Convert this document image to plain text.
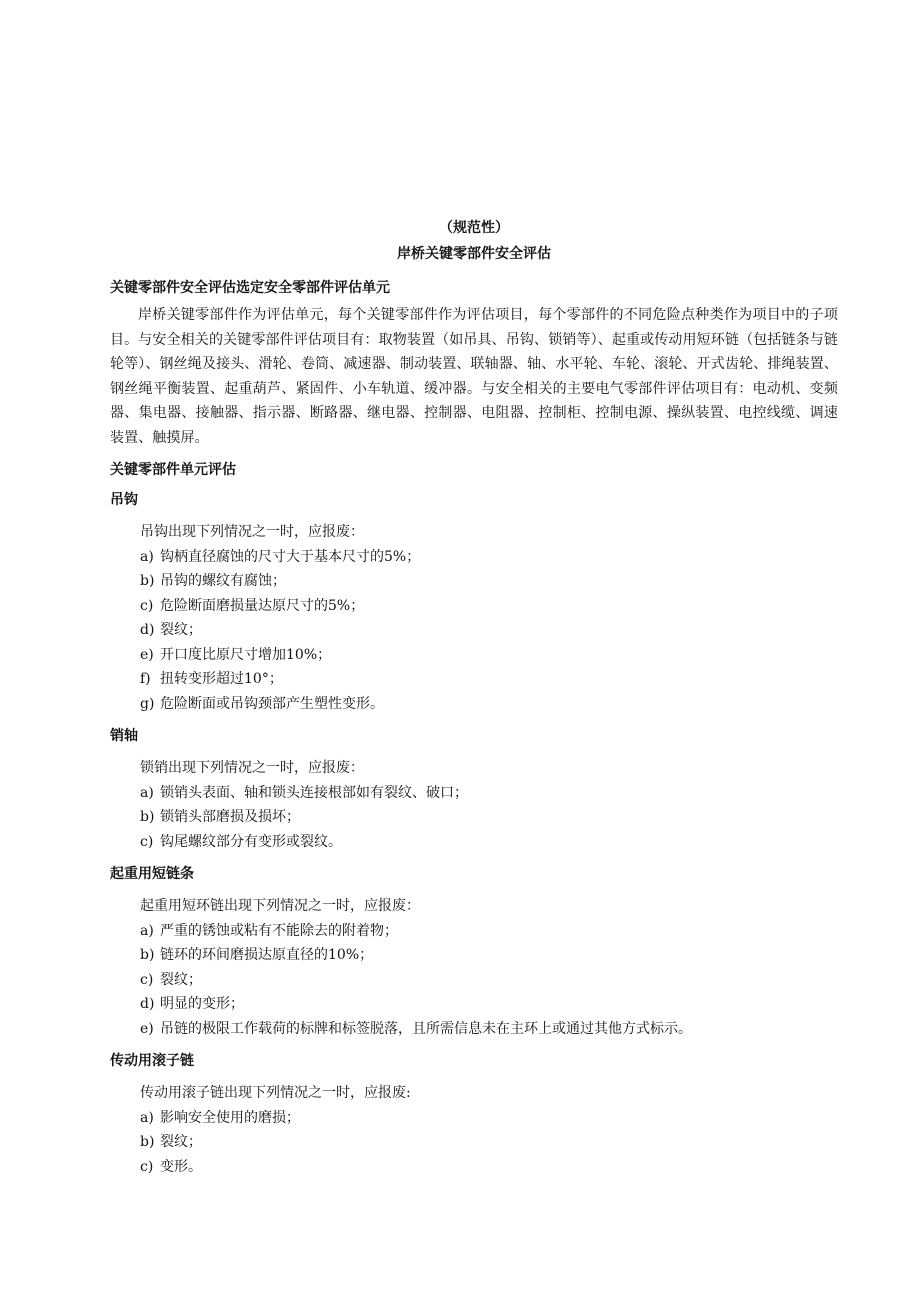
（规范性）
岸桥关键零部件安全评估
关键零部件安全评估选定安全零部件评估单元

岸桥关键零部件作为评估单元，每个关键零部件作为评估项目，每个零部件的不同危险点种类作为项目中的子项目。与安全相关的关键零部件评估项目有：取物装置（如吊具、吊钩、锁销等）、起重或传动用短环链（包括链条与链轮等）、钢丝绳及接头、滑轮、卷筒、减速器、制动装置、联轴器、轴、水平轮、车轮、滚轮、开式齿轮、排绳装置、钢丝绳平衡装置、起重葫芦、紧固件、小车轨道、缓冲器。与安全相关的主要电气零部件评估项目有：电动机、变频器、集电器、接触器、指示器、断路器、继电器、控制器、电阻器、控制柜、控制电源、操纵装置、电控线缆、调速装置、触摸屏。

关键零部件单元评估
吊钩
吊钩出现下列情况之一时，应报废：
a) 钩柄直径腐蚀的尺寸大于基本尺寸的5%；
b) 吊钩的螺纹有腐蚀；
c) 危险断面磨损量达原尺寸的5%；
d) 裂纹；
e) 开口度比原尺寸增加10%；
f) 扭转变形超过10°；
g) 危险断面或吊钩颈部产生塑性变形。
销轴
锁销出现下列情况之一时，应报废：
a) 锁销头表面、轴和锁头连接根部如有裂纹、破口；
b) 锁销头部磨损及损坏；
c) 钩尾螺纹部分有变形或裂纹。
起重用短链条
起重用短环链出现下列情况之一时，应报废：
a) 严重的锈蚀或粘有不能除去的附着物；
b) 链环的环间磨损达原直径的10%；
c) 裂纹；
d) 明显的变形；
e) 吊链的极限工作载荷的标牌和标签脱落，且所需信息未在主环上或通过其他方式标示。
传动用滚子链
传动用滚子链出现下列情况之一时，应报废:
a) 影响安全使用的磨损；
b) 裂纹；
c) 变形。
